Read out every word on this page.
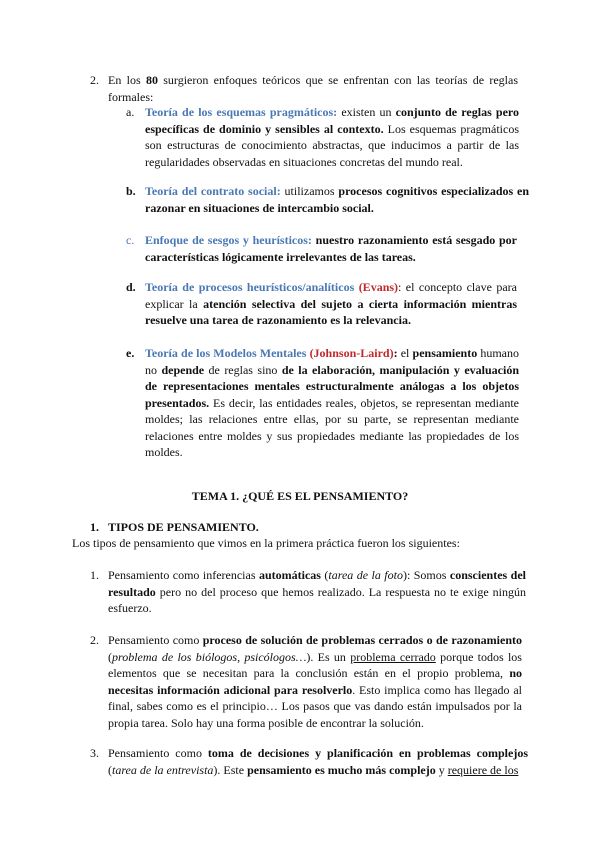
2. En los 80 surgieron enfoques teóricos que se enfrentan con las teorías de reglas formales:
a. Teoría de los esquemas pragmáticos: existen un conjunto de reglas pero específicas de dominio y sensibles al contexto. Los esquemas pragmáticos son estructuras de conocimiento abstractas, que inducimos a partir de las regularidades observadas en situaciones concretas del mundo real.
b. Teoría del contrato social: utilizamos procesos cognitivos especializados en razonar en situaciones de intercambio social.
c. Enfoque de sesgos y heurísticos: nuestro razonamiento está sesgado por características lógicamente irrelevantes de las tareas.
d. Teoría de procesos heurísticos/analíticos (Evans): el concepto clave para explicar la atención selectiva del sujeto a cierta información mientras resuelve una tarea de razonamiento es la relevancia.
e. Teoría de los Modelos Mentales (Johnson-Laird): el pensamiento humano no depende de reglas sino de la elaboración, manipulación y evaluación de representaciones mentales estructuralmente análogas a los objetos presentados. Es decir, las entidades reales, objetos, se representan mediante moldes; las relaciones entre ellas, por su parte, se representan mediante relaciones entre moldes y sus propiedades mediante las propiedades de los moldes.
TEMA 1. ¿QUÉ ES EL PENSAMIENTO?
1. TIPOS DE PENSAMIENTO.
Los tipos de pensamiento que vimos en la primera práctica fueron los siguientes:
1. Pensamiento como inferencias automáticas (tarea de la foto): Somos conscientes del resultado pero no del proceso que hemos realizado. La respuesta no te exige ningún esfuerzo.
2. Pensamiento como proceso de solución de problemas cerrados o de razonamiento (problema de los biólogos, psicólogos…). Es un problema cerrado porque todos los elementos que se necesitan para la conclusión están en el propio problema, no necesitas información adicional para resolverlo. Esto implica como has llegado al final, sabes como es el principio… Los pasos que vas dando están impulsados por la propia tarea. Solo hay una forma posible de encontrar la solución.
3. Pensamiento como toma de decisiones y planificación en problemas complejos (tarea de la entrevista). Este pensamiento es mucho más complejo y requiere de los
